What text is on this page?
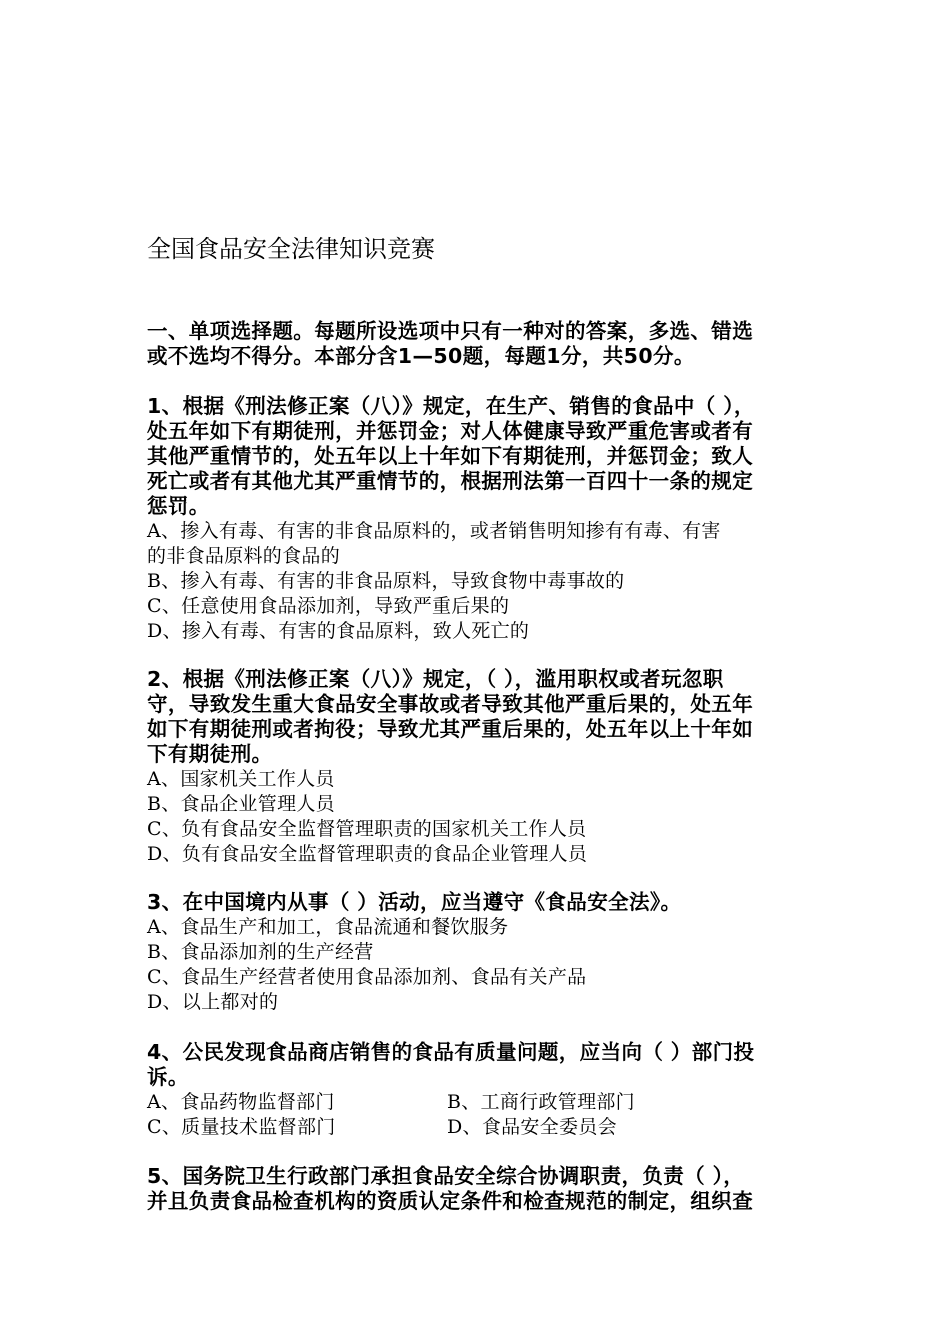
全国食品安全法律知识竞赛
一、单项选择题。每题所设选项中只有一种对的答案，多选、错选
或不选均不得分。本部分含1—50题，每题1分，共50分。
1、根据《刑法修正案（八）》规定，在生产、销售的食品中（ ），
处五年如下有期徒刑，并惩罚金；对人体健康导致严重危害或者有
其他严重情节的，处五年以上十年如下有期徒刑，并惩罚金；致人
死亡或者有其他尤其严重情节的，根据刑法第一百四十一条的规定
惩罚。
A、掺入有毒、有害的非食品原料的，或者销售明知掺有有毒、有害
的非食品原料的食品的
B、掺入有毒、有害的非食品原料，导致食物中毒事故的
C、任意使用食品添加剂，导致严重后果的
D、掺入有毒、有害的食品原料，致人死亡的
2、根据《刑法修正案（八）》规定，（ ），滥用职权或者玩忽职
守，导致发生重大食品安全事故或者导致其他严重后果的，处五年
如下有期徒刑或者拘役；导致尤其严重后果的，处五年以上十年如
下有期徒刑。
A、国家机关工作人员
B、食品企业管理人员
C、负有食品安全监督管理职责的国家机关工作人员
D、负有食品安全监督管理职责的食品企业管理人员
3、在中国境内从事（ ）活动，应当遵守《食品安全法》。
A、食品生产和加工，食品流通和餐饮服务
B、食品添加剂的生产经营
C、食品生产经营者使用食品添加剂、食品有关产品
D、以上都对的
4、公民发现食品商店销售的食品有质量问题，应当向（ ）部门投
诉。
A、食品药物监督部门	B、工商行政管理部门
C、质量技术监督部门	D、食品安全委员会
5、国务院卫生行政部门承担食品安全综合协调职责，负责（ ），
并且负责食品检查机构的资质认定条件和检查规范的制定，组织查
